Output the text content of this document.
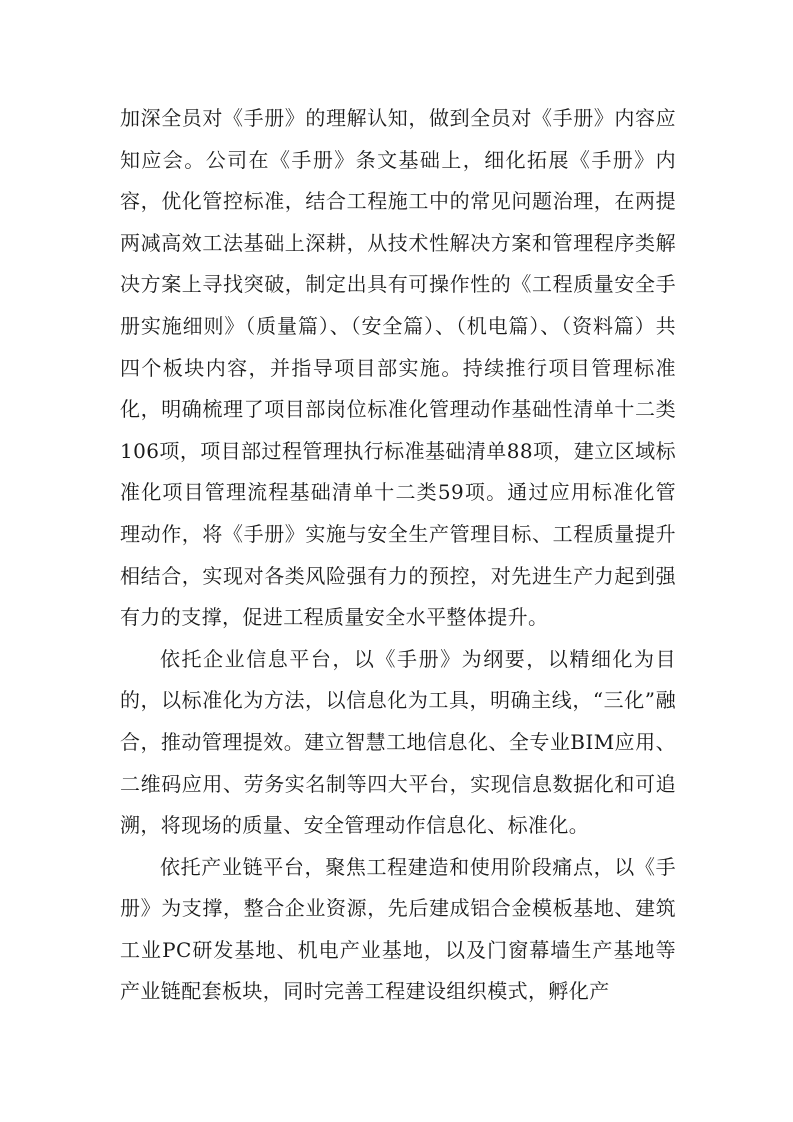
加深全员对《手册》的理解认知，做到全员对《手册》内容应知应会。公司在《手册》条文基础上，细化拓展《手册》内容，优化管控标准，结合工程施工中的常见问题治理，在两提两减高效工法基础上深耕，从技术性解决方案和管理程序类解决方案上寻找突破，制定出具有可操作性的《工程质量安全手册实施细则》（质量篇）、（安全篇）、（机电篇）、（资料篇）共四个板块内容，并指导项目部实施。持续推行项目管理标准化，明确梳理了项目部岗位标准化管理动作基础性清单十二类106项，项目部过程管理执行标准基础清单88项，建立区域标准化项目管理流程基础清单十二类59项。通过应用标准化管理动作，将《手册》实施与安全生产管理目标、工程质量提升相结合，实现对各类风险强有力的预控，对先进生产力起到强有力的支撑，促进工程质量安全水平整体提升。

依托企业信息平台，以《手册》为纲要，以精细化为目的，以标准化为方法，以信息化为工具，明确主线，“三化”融合，推动管理提效。建立智慧工地信息化、全专业BIM应用、二维码应用、劳务实名制等四大平台，实现信息数据化和可追溯，将现场的质量、安全管理动作信息化、标准化。

依托产业链平台，聚焦工程建造和使用阶段痛点，以《手册》为支撑，整合企业资源，先后建成铝合金模板基地、建筑工业PC研发基地、机电产业基地，以及门窗幕墙生产基地等产业链配套板块，同时完善工程建设组织模式，孵化产
